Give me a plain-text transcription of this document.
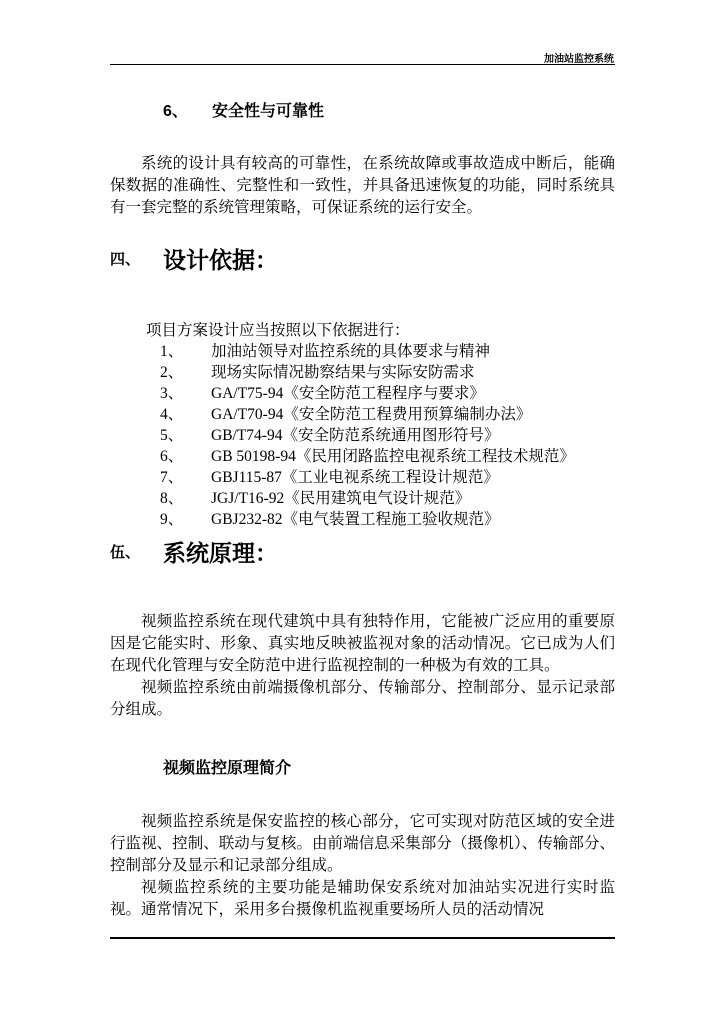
加油站监控系统
6、 安全性与可靠性

系统的设计具有较高的可靠性，在系统故障或事故造成中断后，能确保数据的准确性、完整性和一致性，并具备迅速恢复的功能，同时系统具有一套完整的系统管理策略，可保证系统的运行安全。

四、 设计依据：
项目方案设计应当按照以下依据进行：
1、 加油站领导对监控系统的具体要求与精神
2、 现场实际情况勘察结果与实际安防需求
3、 GA/T75-94《安全防范工程程序与要求》
4、 GA/T70-94《安全防范工程费用预算编制办法》
5、 GB/T74-94《安全防范系统通用图形符号》
6、 GB 50198-94《民用闭路监控电视系统工程技术规范》
7、 GBJ115-87《工业电视系统工程设计规范》
8、 JGJ/T16-92《民用建筑电气设计规范》
9、 GBJ232-82《电气装置工程施工验收规范》
伍、 系统原理：

视频监控系统在现代建筑中具有独特作用，它能被广泛应用的重要原因是它能实时、形象、真实地反映被监视对象的活动情况。它已成为人们在现代化管理与安全防范中进行监视控制的一种极为有效的工具。

视频监控系统由前端摄像机部分、传输部分、控制部分、显示记录部分组成。

视频监控原理简介

视频监控系统是保安监控的核心部分，它可实现对防范区域的安全进行监视、控制、联动与复核。由前端信息采集部分（摄像机）、传输部分、控制部分及显示和记录部分组成。

视频监控系统的主要功能是辅助保安系统对加油站实况进行实时监视。通常情况下，采用多台摄像机监视重要场所人员的活动情况
